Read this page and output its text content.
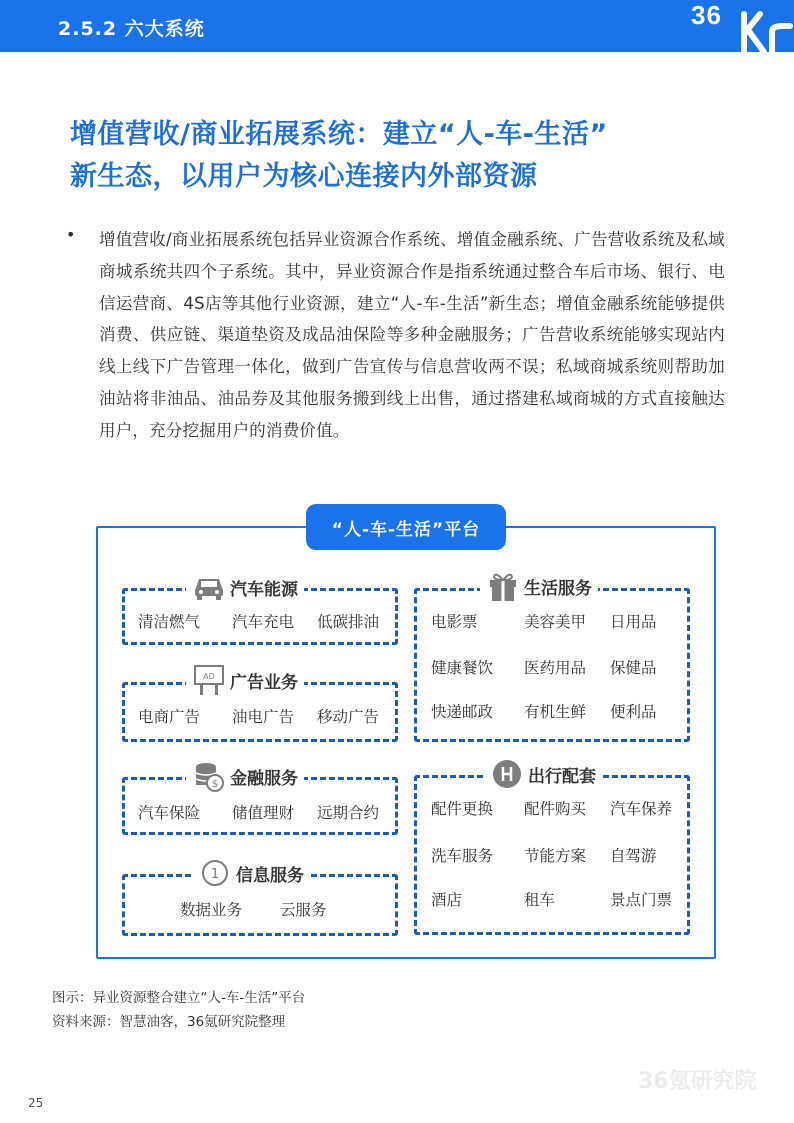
2.5.2 六大系统	36
增值营收/商业拓展系统：建立“人-车-生活”
新生态，以用户为核心连接内外部资源
• 增值营收/商业拓展系统包括异业资源合作系统、增值金融系统、广告营收系统及私域商城系统共四个子系统。其中，异业资源合作是指系统通过整合车后市场、银行、电信运营商、4S店等其他行业资源，建立“人-车-生活”新生态；增值金融系统能够提供消费、供应链、渠道垫资及成品油保险等多种金融服务；广告营收系统能够实现站内线上线下广告管理一体化，做到广告宣传与信息营收两不误；私域商城系统则帮助加油站将非油品、油品券及其他服务搬到线上出售，通过搭建私域商城的方式直接触达用户，充分挖掘用户的消费价值。
“人-车-生活”平台
汽车能源
清洁燃气 汽车充电 低碳排油
AD 广告业务
电商广告 油电广告 移动广告
$ 金融服务
汽车保险 储值理财 远期合约
1 信息服务
数据业务 云服务
生活服务
电影票	美容美甲 日用品
健康餐饮 医药用品 保健品
快递邮政 有机生鲜 便利品
出行配套
配件更换 配件购买 汽车保养
洗车服务 节能方案 自驾游
酒店	租车	景点门票
图示：异业资源整合建立“人-车-生活”平台
资料来源：智慧油客，36氪研究院整理
25
36氪研究院
